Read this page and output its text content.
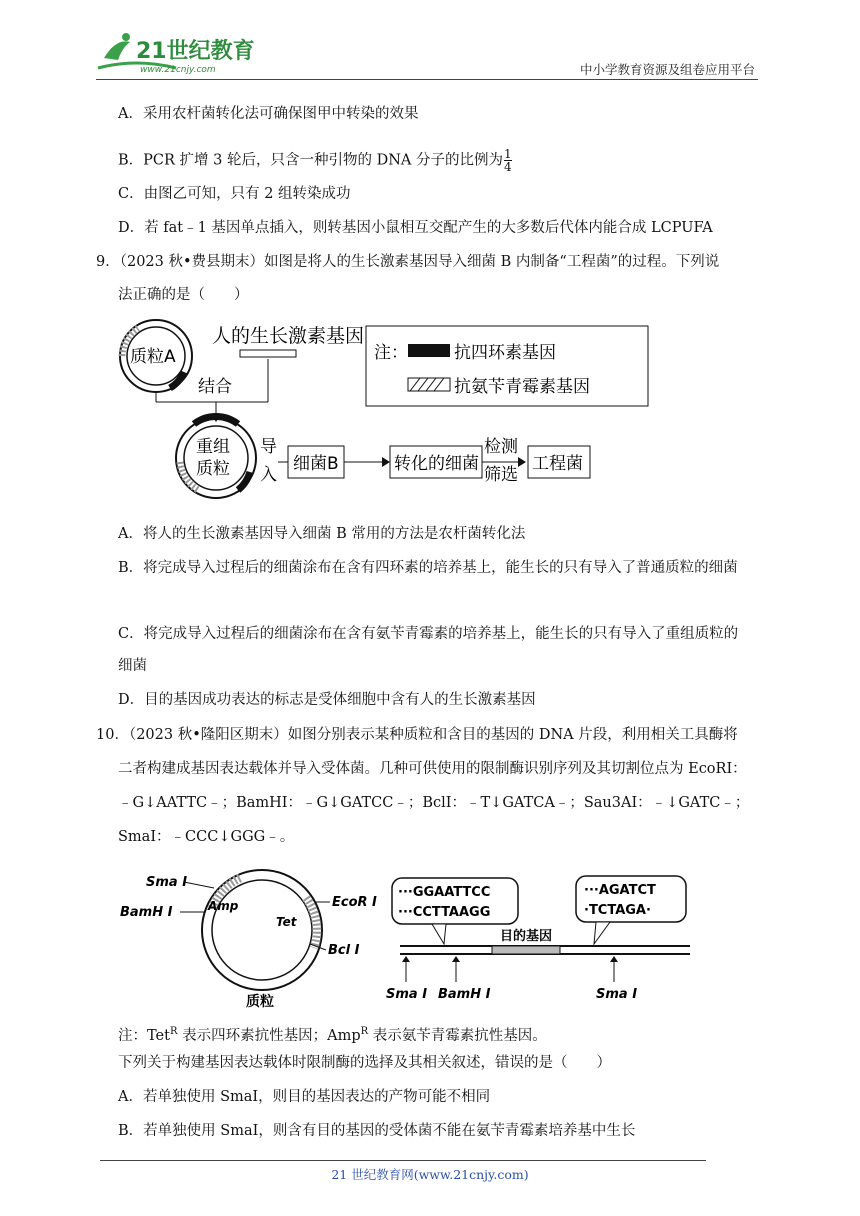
21世纪教育
www.21cnjy.com	中小学教育资源及组卷应用平台
A．采用农杆菌转化法可确保图甲中转染的效果
B．PCR 扩增 3 轮后，只含一种引物的 DNA 分子的比例为 $\frac{1}{4}$
C．由图乙可知，只有 2 组转染成功
D．若 fat﹣1 基因单点插入，则转基因小鼠相互交配产生的大多数后代体内能合成 LCPUFA
9．（2023 秋•费县期末）如图是将人的生长激素基因导入细菌 B 内制备“工程菌”的过程。下列说
法正确的是（　　）
质粒A
人的生长激素基因
结合
重组
质粒
导
入
细菌B	转化的细菌
检测
筛选
工程菌
注：	抗四环素基因
抗氨苄青霉素基因
A．将人的生长激素基因导入细菌 B 常用的方法是农杆菌转化法
B．将完成导入过程后的细菌涂布在含有四环素的培养基上，能生长的只有导入了普通质粒的细菌
C．将完成导入过程后的细菌涂布在含有氨苄青霉素的培养基上，能生长的只有导入了重组质粒的
细菌
D．目的基因成功表达的标志是受体细胞中含有人的生长激素基因
10．（2023 秋•隆阳区期末）如图分别表示某种质粒和含目的基因的 DNA 片段，利用相关工具酶将
二者构建成基因表达载体并导入受体菌。几种可供使用的限制酶识别序列及其切割位点为 EcoRⅠ：
﹣G↓AATTC﹣；BamHⅠ：﹣G↓GATCC﹣；BclⅠ：﹣T↓GATCA﹣；Sau3AⅠ：﹣↓GATC﹣；
SmaⅠ：﹣CCC↓GGG﹣。
Amp
Tet
Sma Ⅰ
BamH Ⅰ
EcoR Ⅰ
Bcl Ⅰ
质粒
目的基因
···GGAATTCC
···CCTTAAGG
···AGATCT
·TCTAGA·
Sma Ⅰ BamH Ⅰ	Sma Ⅰ
注：Tet$^R$ 表示四环素抗性基因；Amp$^R$ 表示氨苄青霉素抗性基因。
下列关于构建基因表达载体时限制酶的选择及其相关叙述，错误的是（　　）
A．若单独使用 SmaⅠ，则目的基因表达的产物可能不相同
B．若单独使用 SmaⅠ，则含有目的基因的受体菌不能在氨苄青霉素培养基中生长
21 世纪教育网(www.21cnjy.com)
